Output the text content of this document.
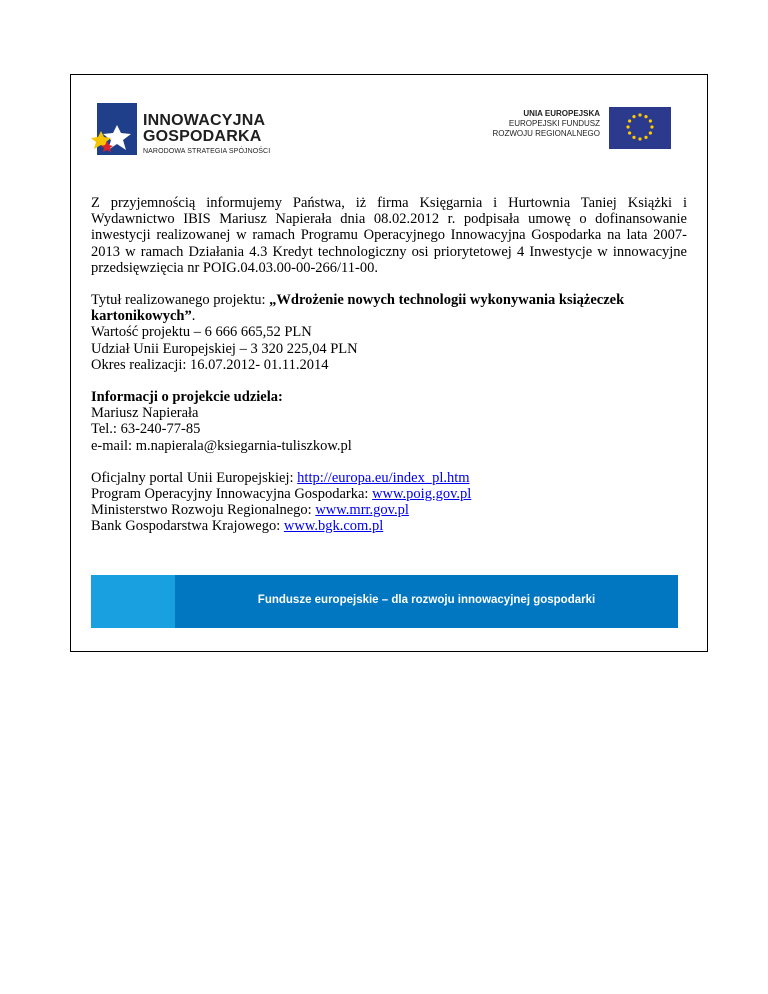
INNOWACYJNA
GOSPODARKA
NARODOWA STRATEGIA SPÓJNOŚCI
UNIA EUROPEJSKA
EUROPEJSKI FUNDUSZ
ROZWOJU REGIONALNEGO

Z przyjemnością informujemy Państwa, iż firma Księgarnia i Hurtownia Taniej Książki i Wydawnictwo IBIS Mariusz Napierała dnia 08.02.2012 r. podpisała umowę o dofinansowanie inwestycji realizowanej w ramach Programu Operacyjnego Innowacyjna Gospodarka na lata 2007-2013 w ramach Działania 4.3 Kredyt technologiczny osi priorytetowej 4 Inwestycje w innowacyjne przedsięwzięcia nr POIG.04.03.00-00-266/11-00.

Tytuł realizowanego projektu: „Wdrożenie nowych technologii wykonywania książeczek kartonikowych”.

Wartość projektu – 6 666 665,52 PLN

Udział Unii Europejskiej – 3 320 225,04 PLN

Okres realizacji: 16.07.2012- 01.11.2014

Informacji o projekcie udziela:

Mariusz Napierała

Tel.: 63-240-77-85

e-mail: m.napierala@ksiegarnia-tuliszkow.pl

Oficjalny portal Unii Europejskiej: http://europa.eu/index_pl.htm

Program Operacyjny Innowacyjna Gospodarka: www.poig.gov.pl

Ministerstwo Rozwoju Regionalnego: www.mrr.gov.pl

Bank Gospodarstwa Krajowego: www.bgk.com.pl

Fundusze europejskie – dla rozwoju innowacyjnej gospodarki
